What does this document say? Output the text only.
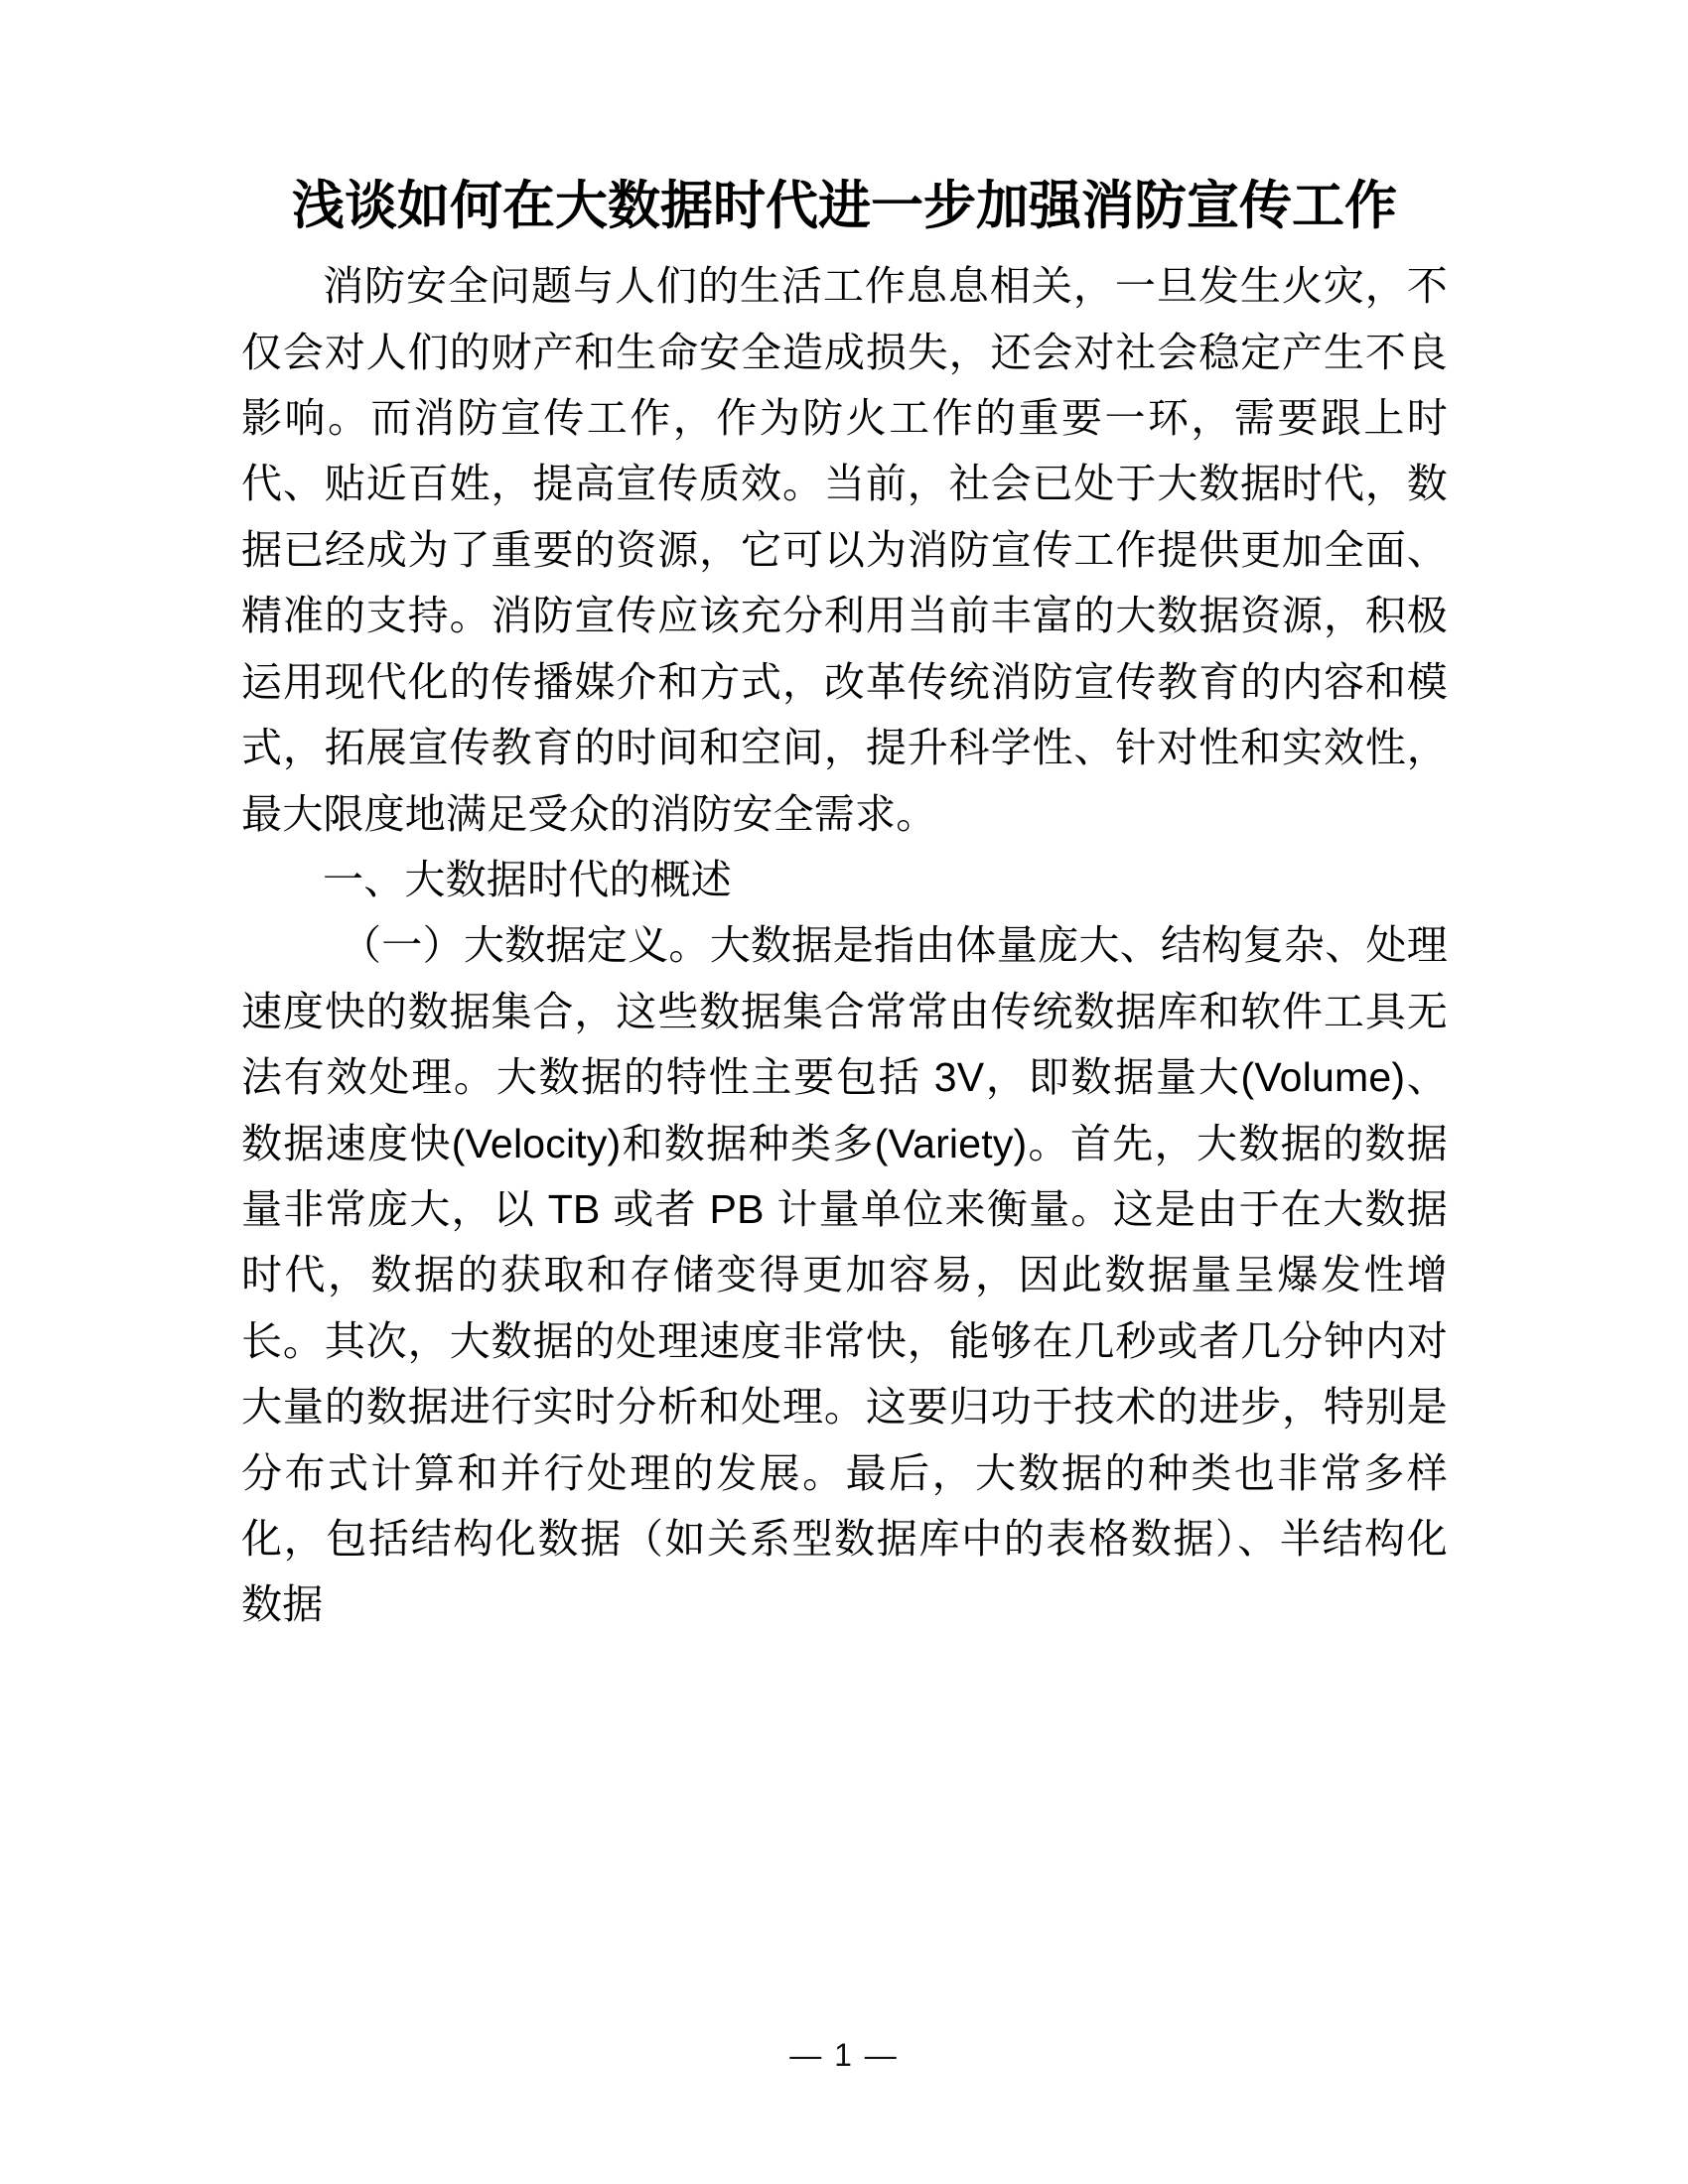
浅谈如何在大数据时代进一步加强消防宣传工作

消防安全问题与人们的生活工作息息相关，一旦发生火灾，不仅会对人们的财产和生命安全造成损失，还会对社会稳定产生不良影响。而消防宣传工作，作为防火工作的重要一环，需要跟上时代、贴近百姓，提高宣传质效。当前，社会已处于大数据时代，数据已经成为了重要的资源，它可以为消防宣传工作提供更加全面、精准的支持。消防宣传应该充分利用当前丰富的大数据资源，积极运用现代化的传播媒介和方式，改革传统消防宣传教育的内容和模式，拓展宣传教育的时间和空间，提升科学性、针对性和实效性，最大限度地满足受众的消防安全需求。

一、大数据时代的概述

（一）大数据定义。大数据是指由体量庞大、结构复杂、处理速度快的数据集合，这些数据集合常常由传统数据库和软件工具无法有效处理。大数据的特性主要包括 3V，即数据量大(Volume)、数据速度快(Velocity)和数据种类多(Variety)。首先，大数据的数据量非常庞大，以 TB 或者 PB 计量单位来衡量。这是由于在大数据时代，数据的获取和存储变得更加容易，因此数据量呈爆发性增长。其次，大数据的处理速度非常快，能够在几秒或者几分钟内对大量的数据进行实时分析和处理。这要归功于技术的进步，特别是分布式计算和并行处理的发展。最后，大数据的种类也非常多样化，包括结构化数据（如关系型数据库中的表格数据）、半结构化数据

— 1 —
